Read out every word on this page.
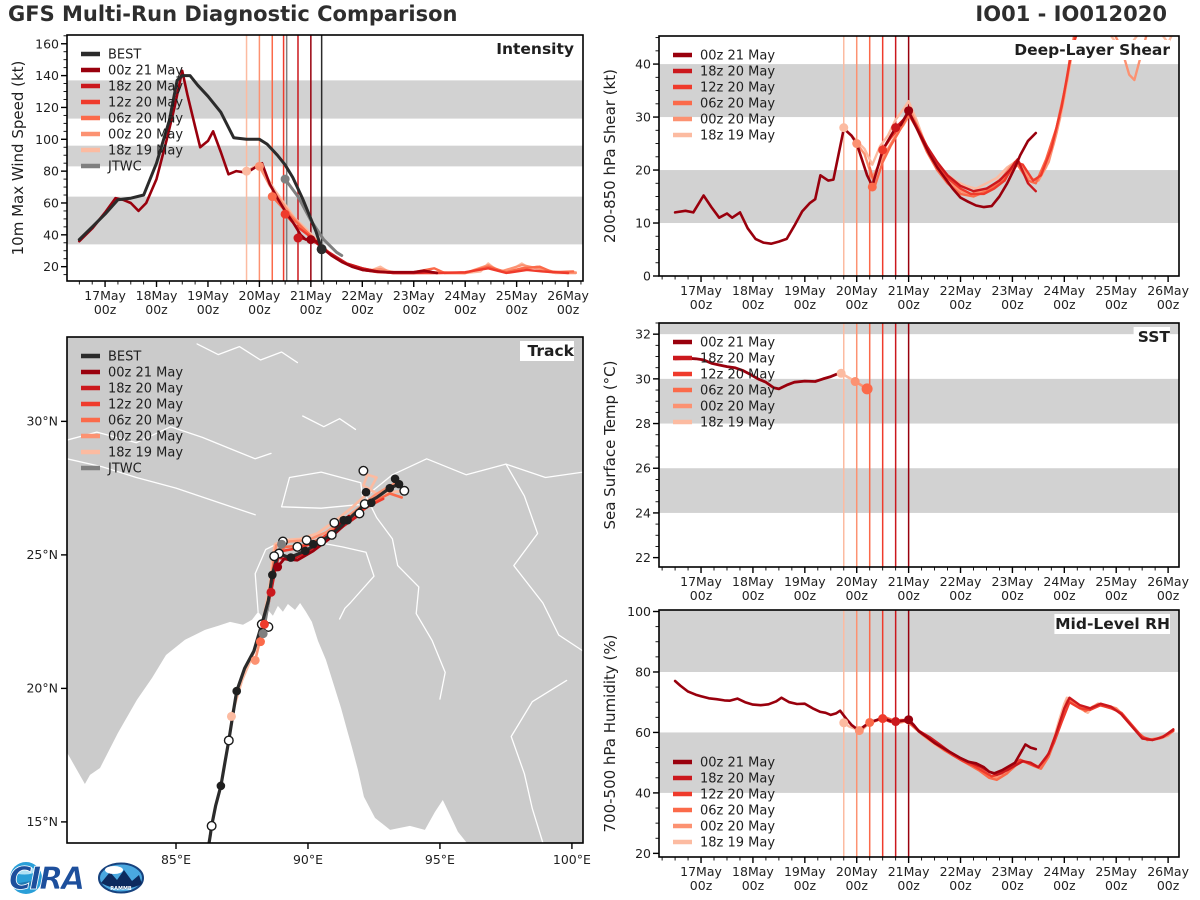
GFS Multi-Run Diagnostic Comparison	IO01 - IO012020
17May
00z
18May
00z
19May
00z
20May
00z
21May
00z
22May
00z
23May
00z
24May
00z
25May
00z
26May
00z
20
40
60
80
100
120
140
160
10m Max Wind Speed (kt)
Intensity
BEST
00z 21 May
18z 20 May
12z 20 May
06z 20 May
00z 20 May
18z 19 May
JTWC
85°E	90°E	95°E	100°E
15°N
20°N
25°N
30°N
Track
BEST
00z 21 May
18z 20 May
12z 20 May
06z 20 May
00z 20 May
18z 19 May
JTWC
17May
00z
18May
00z
19May
00z
20May
00z
21May
00z
22May
00z
23May
00z
24May
00z
25May
00z
26May
00z
0
10
20
30
40
200-850 hPa Shear (kt)
Deep-Layer Shear
00z 21 May
18z 20 May
12z 20 May
06z 20 May
00z 20 May
18z 19 May
17May
00z
18May
00z
19May
00z
20May
00z
21May
00z
22May
00z
23May
00z
24May
00z
25May
00z
26May
00z
22
24
26
28
30
32
Sea Surface Temp (°C)
SST
00z 21 May
18z 20 May
12z 20 May
06z 20 May
00z 20 May
18z 19 May
17May
00z
18May
00z
19May
00z
20May
00z
21May
00z
22May
00z
23May
00z
24May
00z
25May
00z
26May
00z
20
40
60
80
100
700-500 hPa Humidity (%)
Mid-Level RH
00z 21 May
18z 20 May
12z 20 May
06z 20 May
00z 20 May
18z 19 May
CIRA	RAMMB
